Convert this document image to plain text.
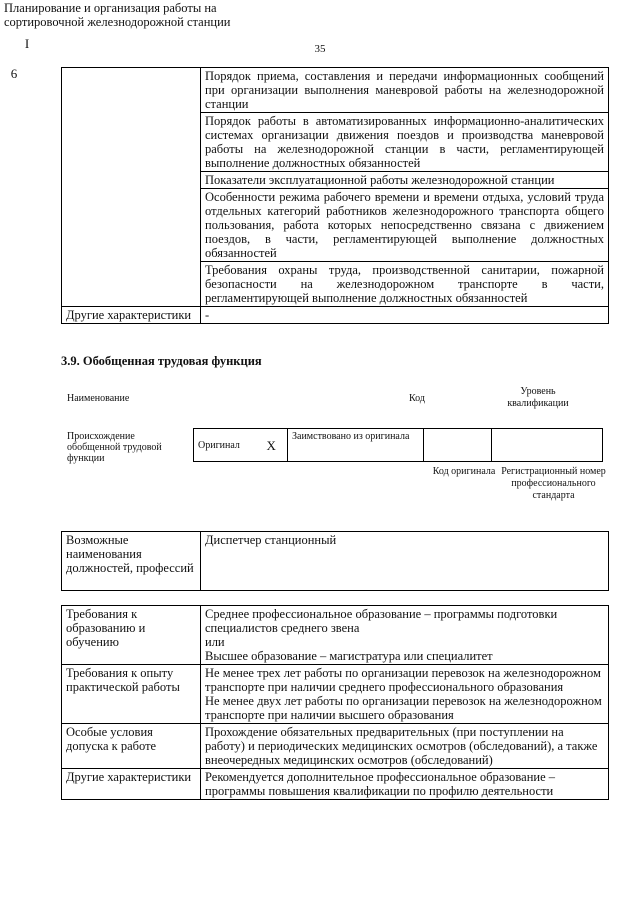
35
	Порядок приема, составления и передачи информационных сообщений при организации выполнения маневровой работы на железнодорожной станции
	Порядок работы в автоматизированных информационно-аналитических системах организации движения поездов и производства маневровой работы на железнодорожной станции в части, регламентирующей выполнение должностных обязанностей
	Показатели эксплуатационной работы железнодорожной станции
	Особенности режима рабочего времени и времени отдыха, условий труда отдельных категорий работников железнодорожного транспорта общего пользования, работа которых непосредственно связана с движением поездов, в части, регламентирующей выполнение должностных обязанностей
	Требования охраны труда, производственной санитарии, пожарной безопасности на железнодорожном транспорте в части, регламентирующей выполнение должностных обязанностей
Другие характеристики	-
3.9. Обобщенная трудовая функция
Наименование
Планирование и организация работы на сортировочной железнодорожной станции
Код
I
Уровень квалификации
6
Происхождение обобщенной трудовой функции
Оригинал	X	Заимствовано из оригинала		
Код оригинала Регистрационный номер профессионального стандарта
Возможные наименования должностей, профессий	Диспетчер станционный
Требования к образованию и обучению	Среднее профессиональное образование – программы подготовки специалистов среднего звена
или
Высшее образование – магистратура или специалитет

Требования к опыту практической работы	Не менее трех лет работы по организации перевозок на железнодорожном транспорте при наличии среднего профессионального образования
Не менее двух лет работы по организации перевозок на железнодорожном транспорте при наличии высшего образования

Особые условия допуска к работе	Прохождение обязательных предварительных (при поступлении на работу) и периодических медицинских осмотров (обследований), а также внеочередных медицинских осмотров (обследований)

Другие характеристики	Рекомендуется дополнительное профессиональное образование – программы повышения квалификации по профилю деятельности
